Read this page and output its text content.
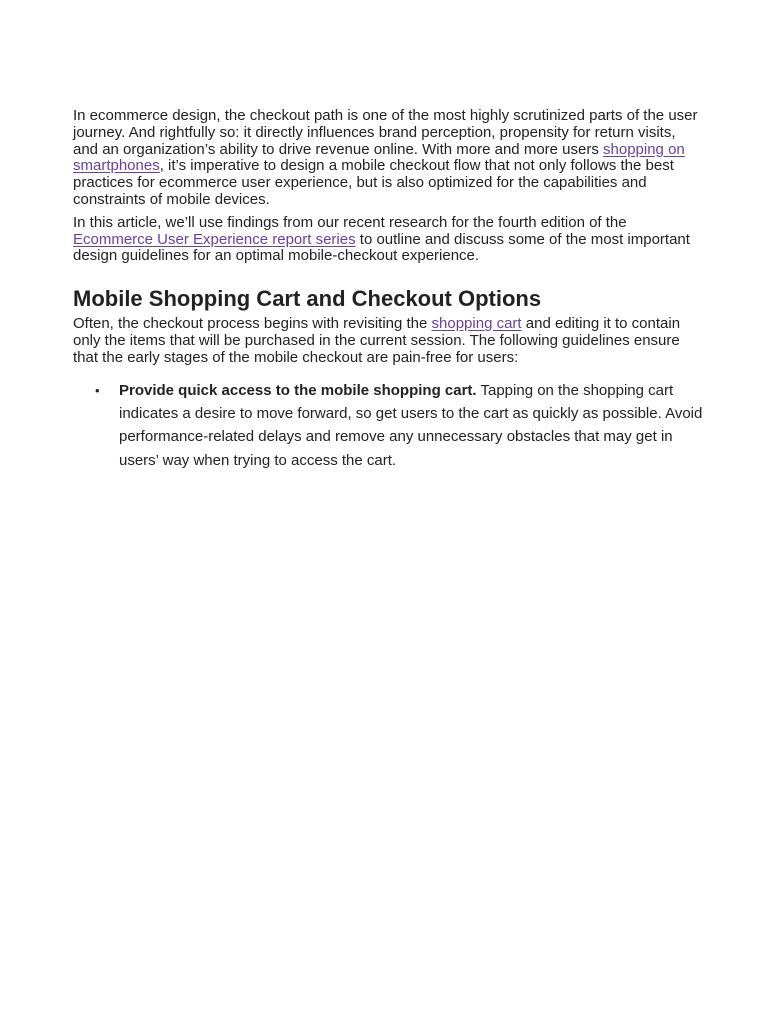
In ecommerce design, the checkout path is one of the most highly scrutinized parts of the user journey. And rightfully so: it directly influences brand perception, propensity for return visits, and an organization’s ability to drive revenue online. With more and more users shopping on smartphones, it’s imperative to design a mobile checkout flow that not only follows the best practices for ecommerce user experience, but is also optimized for the capabilities and constraints of mobile devices.

In this article, we’ll use findings from our recent research for the fourth edition of the Ecommerce User Experience report series to outline and discuss some of the most important design guidelines for an optimal mobile-checkout experience.

Mobile Shopping Cart and Checkout Options

Often, the checkout process begins with revisiting the shopping cart and editing it to contain only the items that will be purchased in the current session. The following guidelines ensure that the early stages of the mobile checkout are pain-free for users:

• Provide quick access to the mobile shopping cart. Tapping on the shopping cart indicates a desire to move forward, so get users to the cart as quickly as possible. Avoid performance-related delays and remove any unnecessary obstacles that may get in users’ way when trying to access the cart.
